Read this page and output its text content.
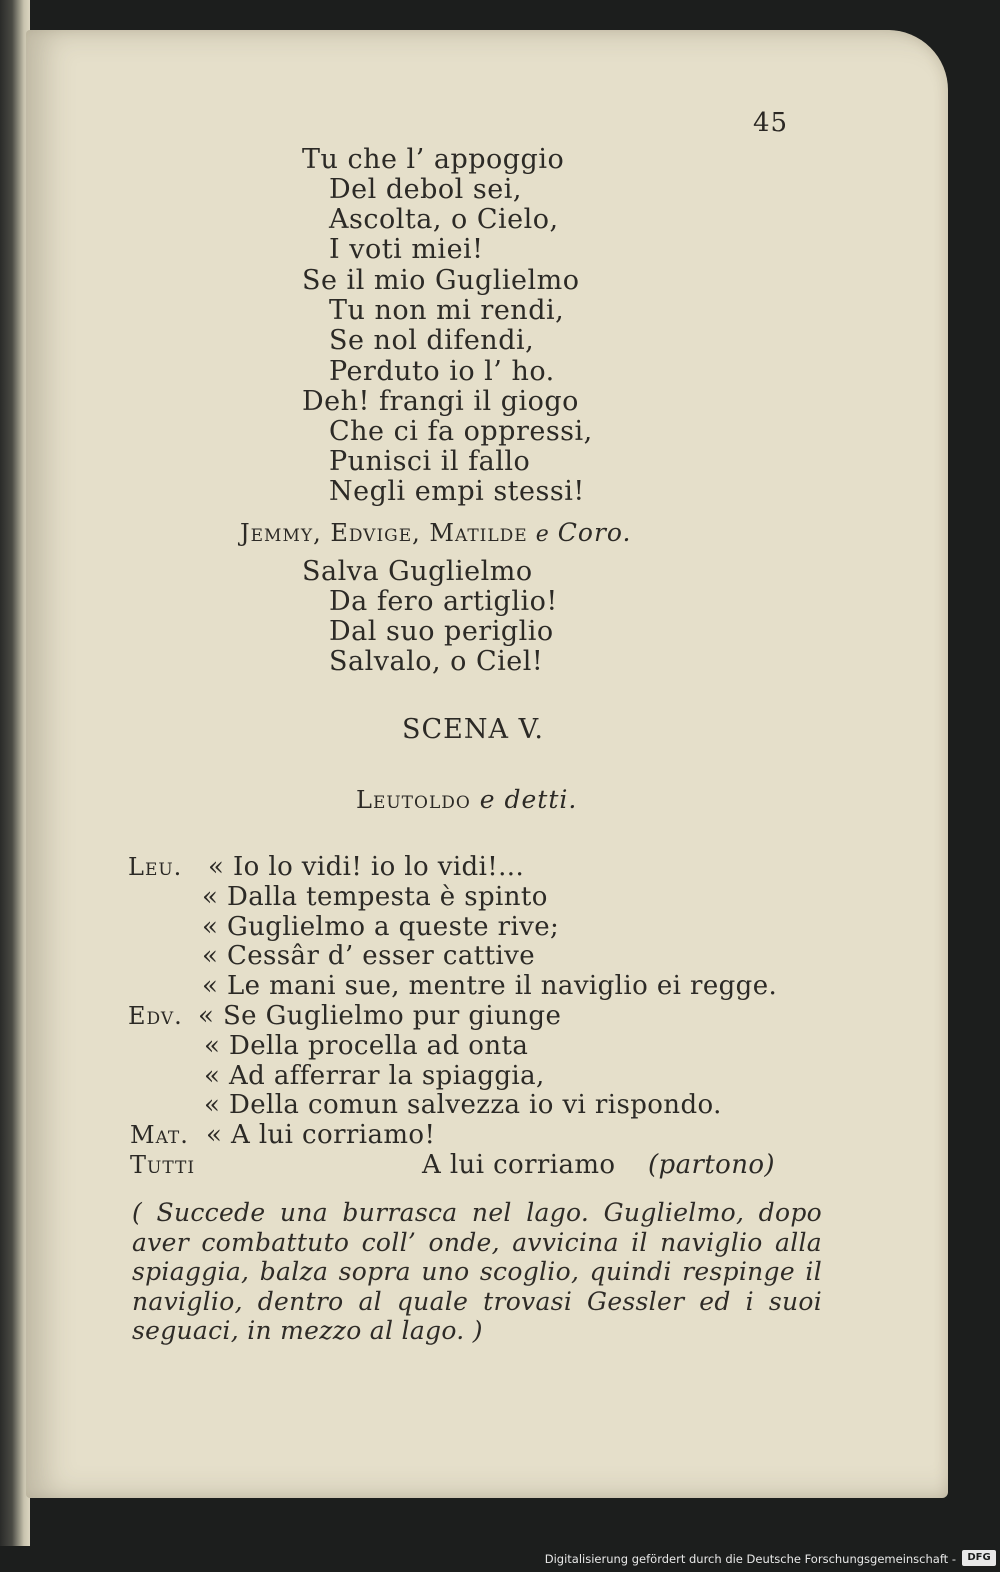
45
Tu che l’ appoggio
Del debol sei,
Ascolta, o Cielo,
I voti miei!
Se il mio Guglielmo
Tu non mi rendi,
Se nol difendi,
Perduto io l’ ho.
Deh! frangi il giogo
Che ci fa oppressi,
Punisci il fallo
Negli empi stessi!
Jemmy, Edvige, Matilde e Coro.
Salva Guglielmo
Da fero artiglio!
Dal suo periglio
Salvalo, o Ciel!
SCENA V.
Leutoldo e detti.
Leu. « Io lo vidi! io lo vidi!...
« Dalla tempesta è spinto
« Guglielmo a queste rive;
« Cessâr d’ esser cattive
« Le mani sue, mentre il naviglio ei regge.
Edv. « Se Guglielmo pur giunge
« Della procella ad onta
« Ad afferrar la spiaggia,
« Della comun salvezza io vi rispondo.
Mat. « A lui corriamo!
Tutti	A lui corriamo (partono)
( Succede una burrasca nel lago. Guglielmo, dopo aver combattuto coll’ onde, avvicina il naviglio alla spiaggia, balza sopra uno scoglio, quindi respinge il naviglio, dentro al quale trovasi Gessler ed i suoi seguaci, in mezzo al lago. )
Digitalisierung gefördert durch die Deutsche Forschungsgemeinschaft -	DFG
